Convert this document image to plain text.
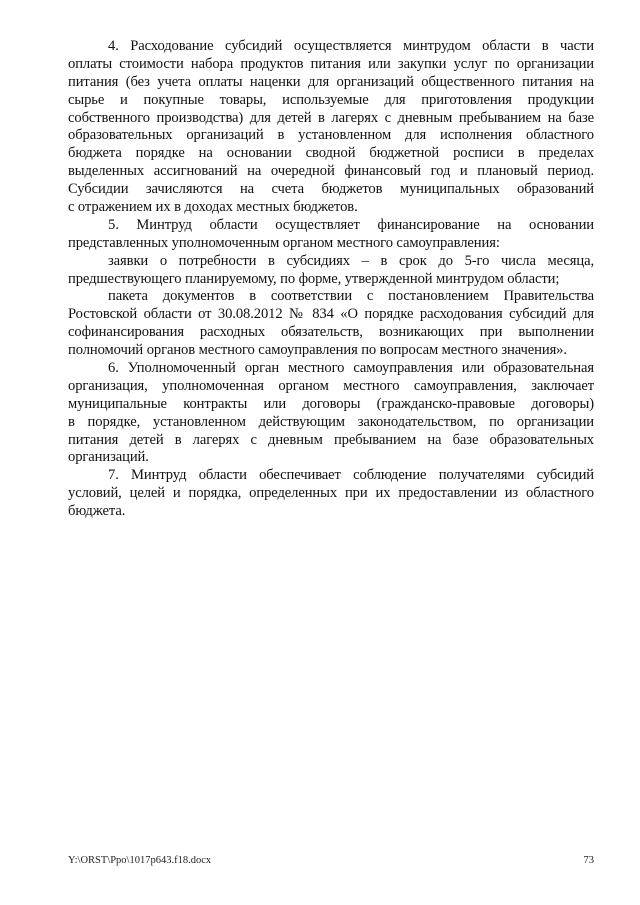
4. Расходование субсидий осуществляется минтрудом области в части
оплаты стоимости набора продуктов питания или закупки услуг по организации
питания (без учета оплаты наценки для организаций общественного питания на
сырье и покупные товары, используемые для приготовления продукции
собственного производства) для детей в лагерях с дневным пребыванием на базе
образовательных организаций в установленном для исполнения областного
бюджета порядке на основании сводной бюджетной росписи в пределах
выделенных ассигнований на очередной финансовый год и плановый период.
Субсидии зачисляются на счета бюджетов муниципальных образований
с отражением их в доходах местных бюджетов.
5. Минтруд области осуществляет финансирование на основании
представленных уполномоченным органом местного самоуправления:
заявки о потребности в субсидиях – в срок до 5-го числа месяца,
предшествующего планируемому, по форме, утвержденной минтрудом области;
пакета документов в соответствии с постановлением Правительства
Ростовской области от 30.08.2012 № 834 «О порядке расходования субсидий для
софинансирования расходных обязательств, возникающих при выполнении
полномочий органов местного самоуправления по вопросам местного значения».
6. Уполномоченный орган местного самоуправления или образовательная
организация, уполномоченная органом местного самоуправления, заключает
муниципальные контракты или договоры (гражданско-правовые договоры)
в порядке, установленном действующим законодательством, по организации
питания детей в лагерях с дневным пребыванием на базе образовательных
организаций.
7. Минтруд области обеспечивает соблюдение получателями субсидий
условий, целей и порядка, определенных при их предоставлении из областного
бюджета.
Y:\ORST\Ppo\1017p643.f18.docx	73
